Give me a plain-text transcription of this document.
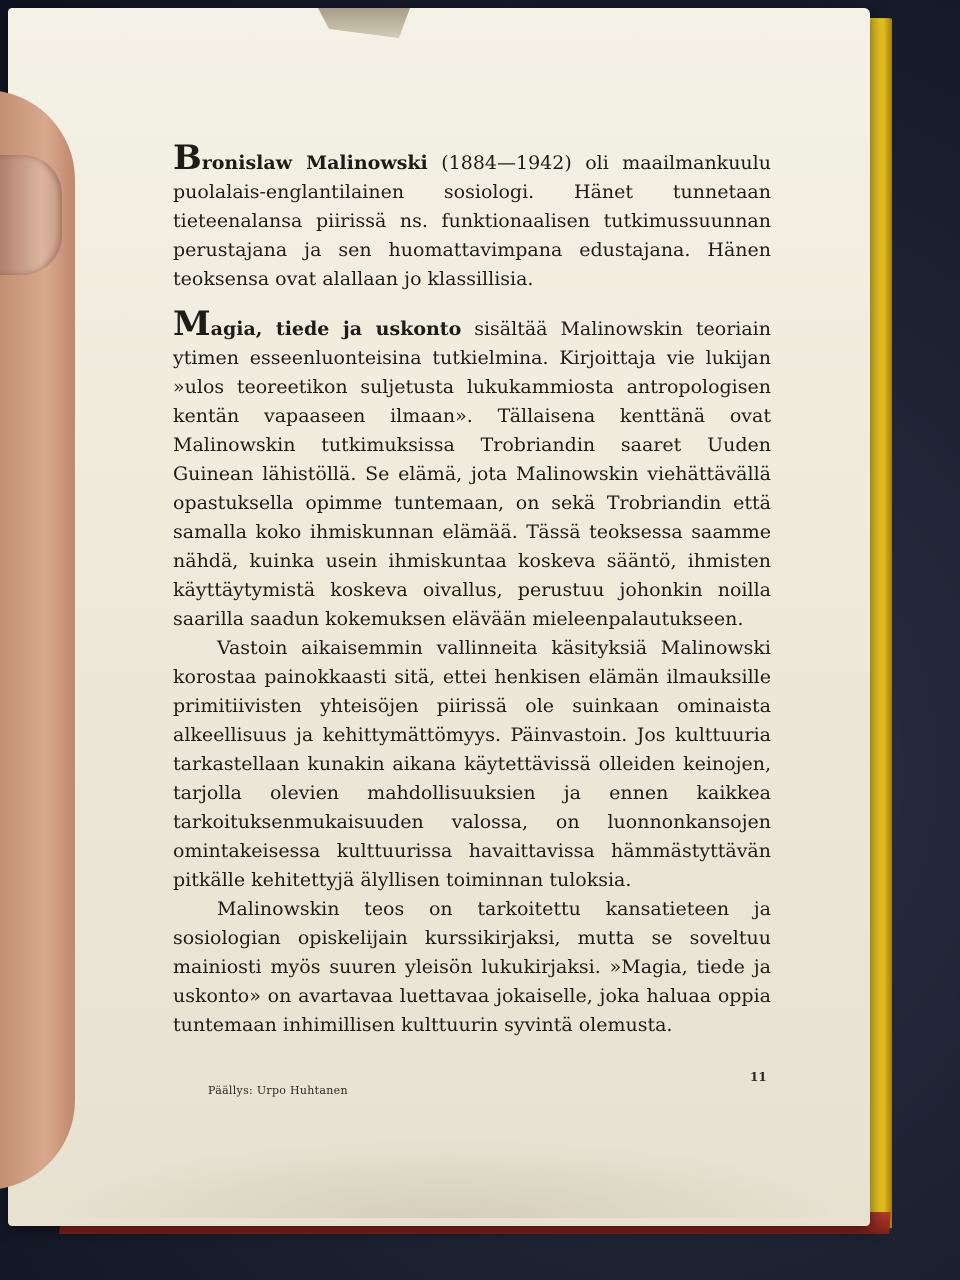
Bronislaw Malinowski (1884—1942) oli maailmankuulu puolalais-englantilainen sosiologi. Hänet tunnetaan tieteenalansa piirissä ns. funktionaalisen tutkimussuunnan perustajana ja sen huomattavimpana edustajana. Hänen teoksensa ovat alallaan jo klassillisia.

Magia, tiede ja uskonto sisältää Malinowskin teoriain ytimen esseenluonteisina tutkielmina. Kirjoittaja vie lukijan »ulos teoreetikon suljetusta lukukammiosta antropologisen kentän vapaaseen ilmaan». Tällaisena kenttänä ovat Malinowskin tutkimuksissa Trobriandin saaret Uuden Guinean lähistöllä. Se elämä, jota Malinowskin viehättävällä opastuksella opimme tuntemaan, on sekä Trobriandin että samalla koko ihmiskunnan elämää. Tässä teoksessa saamme nähdä, kuinka usein ihmiskuntaa koskeva sääntö, ihmisten käyttäytymistä koskeva oivallus, perustuu johonkin noilla saarilla saadun kokemuksen elävään mieleenpalautukseen.

Vastoin aikaisemmin vallinneita käsityksiä Malinowski korostaa painokkaasti sitä, ettei henkisen elämän ilmauksille primitiivisten yhteisöjen piirissä ole suinkaan ominaista alkeellisuus ja kehittymättömyys. Päinvastoin. Jos kulttuuria tarkastellaan kunakin aikana käytettävissä olleiden keinojen, tarjolla olevien mahdollisuuksien ja ennen kaikkea tarkoituksenmukaisuuden valossa, on luonnonkansojen omintakeisessa kulttuurissa havaittavissa hämmästyttävän pitkälle kehitettyjä älyllisen toiminnan tuloksia.

Malinowskin teos on tarkoitettu kansatieteen ja sosiologian opiskelijain kurssikirjaksi, mutta se soveltuu mainiosti myös suuren yleisön lukukirjaksi. »Magia, tiede ja uskonto» on avartavaa luettavaa jokaiselle, joka haluaa oppia tuntemaan inhimillisen kulttuurin syvintä olemusta.

Päällys: Urpo Huhtanen
11
